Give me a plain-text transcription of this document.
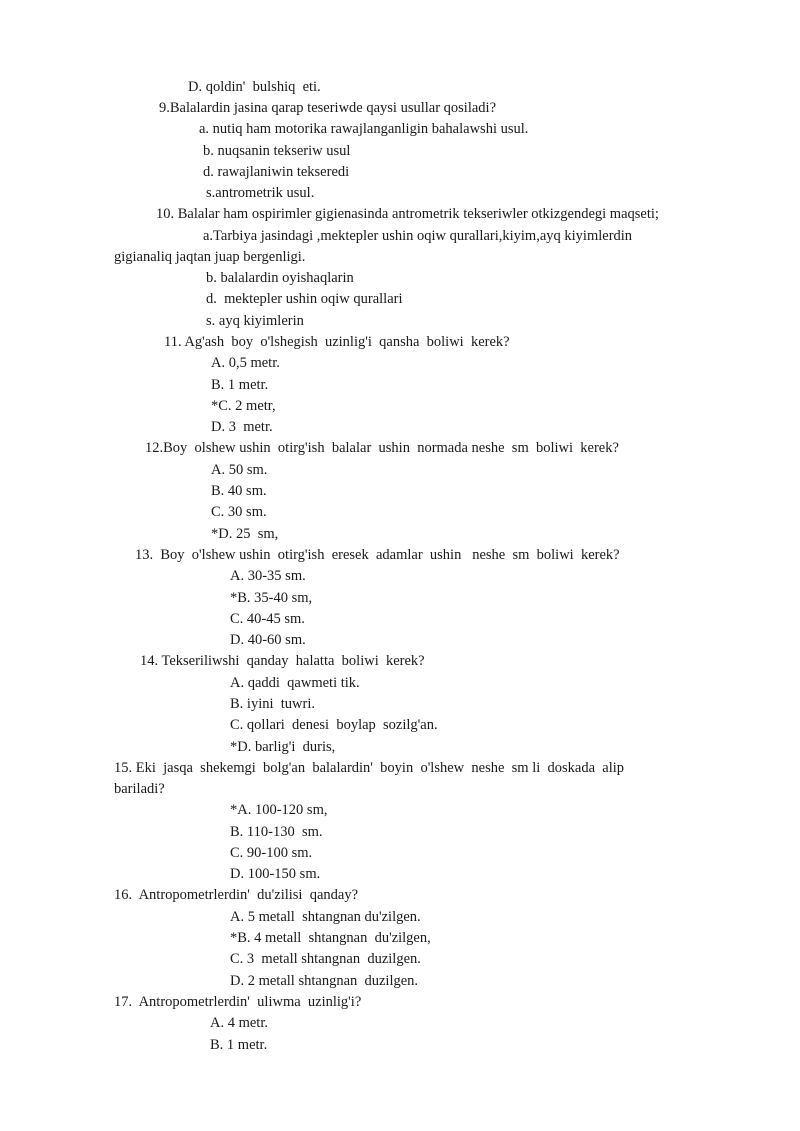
D. qoldin'  bulshiq  eti.
9.Balalardin jasina qarap teseriwde qaysi usullar qosiladi?
a. nutiq ham motorika rawajlanganligin bahalawshi usul.
b. nuqsanin tekseriw usul
d. rawajlaniwin tekseredi
s.antrometrik usul.
10. Balalar ham ospirimler gigienasinda antrometrik tekseriwler otkizgendegi maqseti;
a.Tarbiya jasindagi ,mektepler ushin oqiw qurallari,kiyim,ayq kiyimlerdin
gigianaliq jaqtan juap bergenligi.
b. balalardin oyishaqlarin
d.  mektepler ushin oqiw qurallari
s. ayq kiyimlerin
11. Ag'ash  boy  o'lshegish  uzinlig'i  qansha  boliwi  kerek?
A. 0,5 metr.
B. 1 metr.
*C. 2 metr,
D. 3  metr.
12.Boy  olshew ushin  otirg'ish  balalar  ushin  normada neshe  sm  boliwi  kerek?
A. 50 sm.
B. 40 sm.
C. 30 sm.
*D. 25  sm,
13.  Boy  o'lshew ushin  otirg'ish  eresek  adamlar  ushin   neshe  sm  boliwi  kerek?
A. 30-35 sm.
*B. 35-40 sm,
C. 40-45 sm.
D. 40-60 sm.
14. Tekseriliwshi  qanday  halatta  boliwi  kerek?
A. qaddi  qawmeti tik.
B. iyini  tuwri.
C. qollari  denesi  boylap  sozilg'an.
*D. barlig'i  duris,
15. Eki  jasqa  shekemgi  bolg'an  balalardin'  boyin  o'lshew  neshe  sm li  doskada  alip
bariladi?
*A. 100-120 sm,
B. 110-130  sm.
C. 90-100 sm.
D. 100-150 sm.
16.  Antropometrlerdin'  du'zilisi  qanday?
A. 5 metall  shtangnan du'zilgen.
*B. 4 metall  shtangnan  du'zilgen,
C. 3  metall shtangnan  duzilgen.
D. 2 metall shtangnan  duzilgen.
17.  Antropometrlerdin'  uliwma  uzinlig'i?
A. 4 metr.
B. 1 metr.
